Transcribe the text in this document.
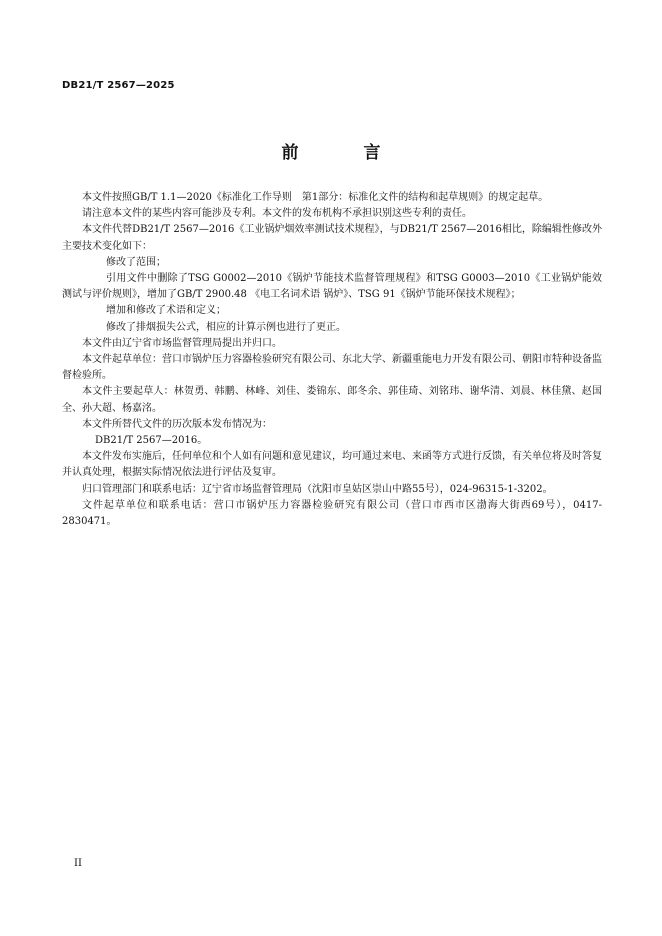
DB21/T 2567—2025
前　言

本文件按照GB/T 1.1—2020《标准化工作导则　第1部分：标准化文件的结构和起草规则》的规定起草。

请注意本文件的某些内容可能涉及专利。本文件的发布机构不承担识别这些专利的责任。

本文件代替DB21/T 2567—2016《工业锅炉烟效率测试技术规程》，与DB21/T 2567—2016相比，除编辑性修改外主要技术变化如下：

修改了范围；

引用文件中删除了TSG G0002—2010《锅炉节能技术监督管理规程》和TSG G0003—2010《工业锅炉能效测试与评价规则》，增加了GB/T 2900.48 《电工名词术语 锅炉》、TSG 91《锅炉节能环保技术规程》；

增加和修改了术语和定义；

修改了排烟损失公式，相应的计算示例也进行了更正。

本文件由辽宁省市场监督管理局提出并归口。

本文件起草单位：营口市锅炉压力容器检验研究有限公司、东北大学、新疆重能电力开发有限公司、朝阳市特种设备监督检验所。

本文件主要起草人：林贺勇、韩鹏、林峰、刘佳、娄锦东、郎冬余、郭佳琦、刘铭玮、谢华清、刘晨、林佳黛、赵国全、孙大超、杨嘉洺。

本文件所替代文件的历次版本发布情况为：

DB21/T 2567—2016。

本文件发布实施后，任何单位和个人如有问题和意见建议，均可通过来电、来函等方式进行反馈，有关单位将及时答复并认真处理，根据实际情况依法进行评估及复审。

归口管理部门和联系电话：辽宁省市场监督管理局（沈阳市皇姑区崇山中路55号），024-96315-1-3202。

文件起草单位和联系电话：营口市锅炉压力容器检验研究有限公司（营口市西市区渤海大街西69号），0417-2830471。

II
